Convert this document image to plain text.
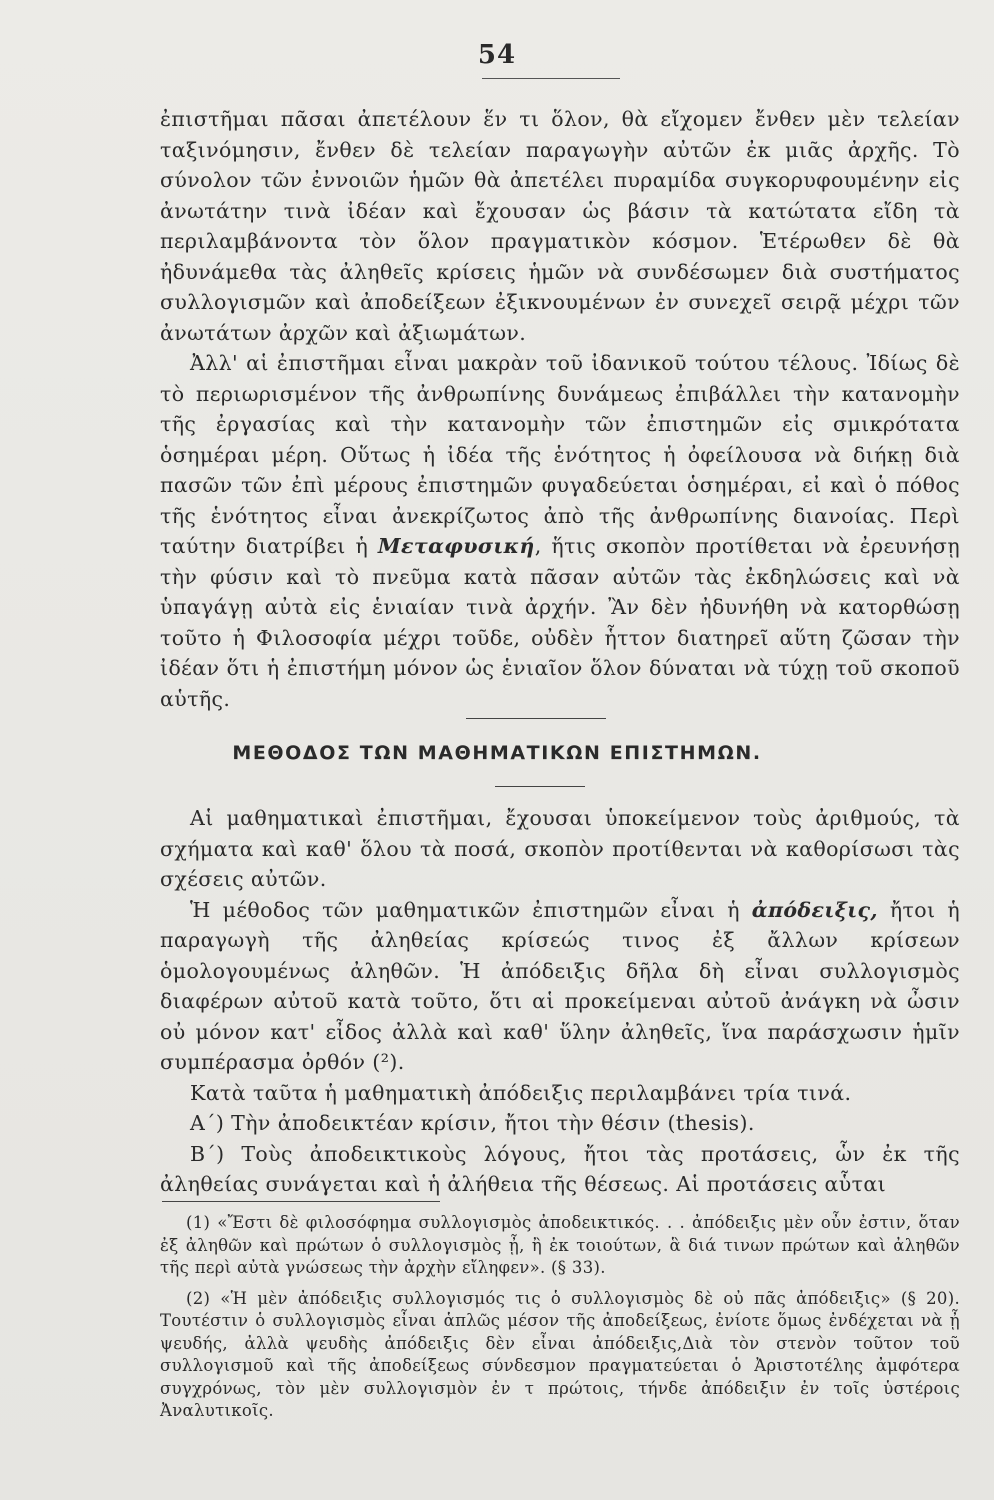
54

ἐπιστῆμαι πᾶσαι ἀπετέλουν ἕν τι ὅλον, θὰ εἴχομεν ἔνθεν μὲν τελείαν ταξινόμησιν, ἔνθεν δὲ τελείαν παραγωγὴν αὐτῶν ἐκ μιᾶς ἀρχῆς. Τὸ σύνολον τῶν ἐννοιῶν ἡμῶν θὰ ἀπετέλει πυραμίδα συγκορυφουμένην εἰς ἀνωτάτην τινὰ ἰδέαν καὶ ἔχουσαν ὡς βάσιν τὰ κατώτατα εἴδη τὰ περιλαμβάνοντα τὸν ὅλον πραγματικὸν κόσμον. Ἑτέρωθεν δὲ θὰ ἠδυνάμεθα τὰς ἀληθεῖς κρίσεις ἡμῶν νὰ συνδέσωμεν διὰ συστήματος συλλογισμῶν καὶ ἀποδείξεων ἐξικνουμένων ἐν συνεχεῖ σειρᾷ μέχρι τῶν ἀνωτάτων ἀρχῶν καὶ ἀξιωμάτων.

Ἀλλ' αἱ ἐπιστῆμαι εἶναι μακρὰν τοῦ ἰδανικοῦ τούτου τέλους. Ἰδίως δὲ τὸ περιωρισμένον τῆς ἀνθρωπίνης δυνάμεως ἐπιβάλλει τὴν κατανομὴν τῆς ἐργασίας καὶ τὴν κατανομὴν τῶν ἐπιστημῶν εἰς σμικρότατα ὁσημέραι μέρη. Οὕτως ἡ ἰδέα τῆς ἑνότητος ἡ ὀφείλουσα νὰ διήκῃ διὰ πασῶν τῶν ἐπὶ μέρους ἐπιστημῶν φυγαδεύεται ὁσημέραι, εἰ καὶ ὁ πόθος τῆς ἑνότητος εἶναι ἀνεκρίζωτος ἀπὸ τῆς ἀνθρωπίνης διανοίας. Περὶ ταύτην διατρίβει ἡ Μεταφυσική, ἥτις σκοπὸν προτίθεται νὰ ἐρευνήσῃ τὴν φύσιν καὶ τὸ πνεῦμα κατὰ πᾶσαν αὐτῶν τὰς ἐκδηλώσεις καὶ νὰ ὑπαγάγῃ αὐτὰ εἰς ἑνιαίαν τινὰ ἀρχήν. Ἂν δὲν ἠδυνήθη νὰ κατορθώσῃ τοῦτο ἡ Φιλοσοφία μέχρι τοῦδε, οὐδὲν ἧττον διατηρεῖ αὕτη ζῶσαν τὴν ἰδέαν ὅτι ἡ ἐπιστήμη μόνον ὡς ἑνιαῖον ὅλον δύναται νὰ τύχῃ τοῦ σκοποῦ αὑτῆς.

ΜΕΘΟΔΟΣ ΤΩΝ ΜΑΘΗΜΑΤΙΚΩΝ ΕΠΙΣΤΗΜΩΝ.

Αἱ μαθηματικαὶ ἐπιστῆμαι, ἔχουσαι ὑποκείμενον τοὺς ἀριθμούς, τὰ σχήματα καὶ καθ' ὅλου τὰ ποσά, σκοπὸν προτίθενται νὰ καθορίσωσι τὰς σχέσεις αὐτῶν.

Ἡ μέθοδος τῶν μαθηματικῶν ἐπιστημῶν εἶναι ἡ ἀπόδειξις, ἤτοι ἡ παραγωγὴ τῆς ἀληθείας κρίσεώς τινος ἐξ ἄλλων κρίσεων ὁμολογουμένως ἀληθῶν. Ἡ ἀπόδειξις δῆλα δὴ εἶναι συλλογισμὸς διαφέρων αὐτοῦ κατὰ τοῦτο, ὅτι αἱ προκείμεναι αὐτοῦ ἀνάγκη νὰ ὦσιν οὐ μόνον κατ' εἶδος ἀλλὰ καὶ καθ' ὕλην ἀληθεῖς, ἵνα παράσχωσιν ἡμῖν συμπέρασμα ὀρθόν (²).

Κατὰ ταῦτα ἡ μαθηματικὴ ἀπόδειξις περιλαμβάνει τρία τινά.

Α΄) Τὴν ἀποδεικτέαν κρίσιν, ἤτοι τὴν θέσιν (thesis).

Β΄) Τοὺς ἀποδεικτικοὺς λόγους, ἤτοι τὰς προτάσεις, ὧν ἐκ τῆς ἀληθείας συνάγεται καὶ ἡ ἀλήθεια τῆς θέσεως. Αἱ προτάσεις αὗται

(1) «Ἔστι δὲ φιλοσόφημα συλλογισμὸς ἀποδεικτικός. . . ἀπόδειξις μὲν οὖν ἐστιν, ὅταν ἐξ ἀληθῶν καὶ πρώτων ὁ συλλογισμὸς ᾖ, ἢ ἐκ τοιούτων, ἃ διά τινων πρώτων καὶ ἀληθῶν τῆς περὶ αὐτὰ γνώσεως τὴν ἀρχὴν εἴληφεν». (§ 33).

(2) «Ἡ μὲν ἀπόδειξις συλλογισμός τις ὁ συλλογισμὸς δὲ οὐ πᾶς ἀπόδειξις» (§ 20). Τουτέστιν ὁ συλλογισμὸς εἶναι ἁπλῶς μέσον τῆς ἀποδείξεως, ἐνίοτε ὅμως ἐνδέχεται νὰ ᾖ ψευδής, ἀλλὰ ψευδὴς ἀπόδειξις δὲν εἶναι ἀπόδειξις,Διὰ τὸν στενὸν τοῦτον τοῦ συλλογισμοῦ καὶ τῆς ἀποδείξεως σύνδεσμον πραγματεύεται ὁ Ἀριστοτέλης ἀμφότερα συγχρόνως, τὸν μὲν συλλογισμὸν ἐν τ πρώτοις, τήνδε ἀπόδειξιν ἐν τοῖς ὑστέροις Ἀναλυτικοῖς.
